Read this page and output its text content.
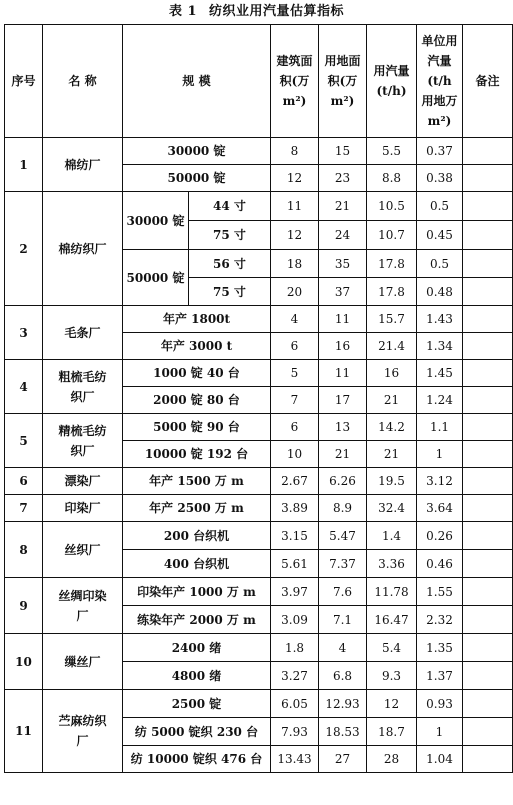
表 1 纺织业用汽量估算指标
序号	名 称	规 模		建筑面积(万 m²)	用地面积(万 m²)	用汽量(t/h)	单位用汽量(t/h 用地万 m²)	备注
1	棉纺厂	30000 锭		8	15	5.5	0.37	
		50000 锭		12	23	8.8	0.38	
2	棉纺织厂	30000 锭	44 寸	11	21	10.5	0.5	
			75 寸	12	24	10.7	0.45	
		50000 锭	56 寸	18	35	17.8	0.5	
			75 寸	20	37	17.8	0.48	
3	毛条厂	年产 1800t		4	11	15.7	1.43	
		年产 3000 t		6	16	21.4	1.34	
4	粗梳毛纺织厂	1000 锭 40 台		5	11	16	1.45	
		2000 锭 80 台		7	17	21	1.24	
5	精梳毛纺织厂	5000 锭 90 台		6	13	14.2	1.1	
		10000 锭 192 台		10	21	21	1	
6	漂染厂	年产 1500 万 m		2.67	6.26	19.5	3.12	
7	印染厂	年产 2500 万 m		3.89	8.9	32.4	3.64	
8	丝织厂	200 台织机		3.15	5.47	1.4	0.26	
		400 台织机		5.61	7.37	3.36	0.46	
9	丝绸印染厂	印染年产 1000 万 m		3.97	7.6	11.78	1.55	
		练染年产 2000 万 m		3.09	7.1	16.47	2.32	
10	缫丝厂	2400 绪		1.8	4	5.4	1.35	
		4800 绪		3.27	6.8	9.3	1.37	
11	苎麻纺织厂	2500 锭		6.05	12.93	12	0.93	
		纺 5000 锭织 230 台		7.93	18.53	18.7	1	
		纺 10000 锭织 476 台		13.43	27	28	1.04	
